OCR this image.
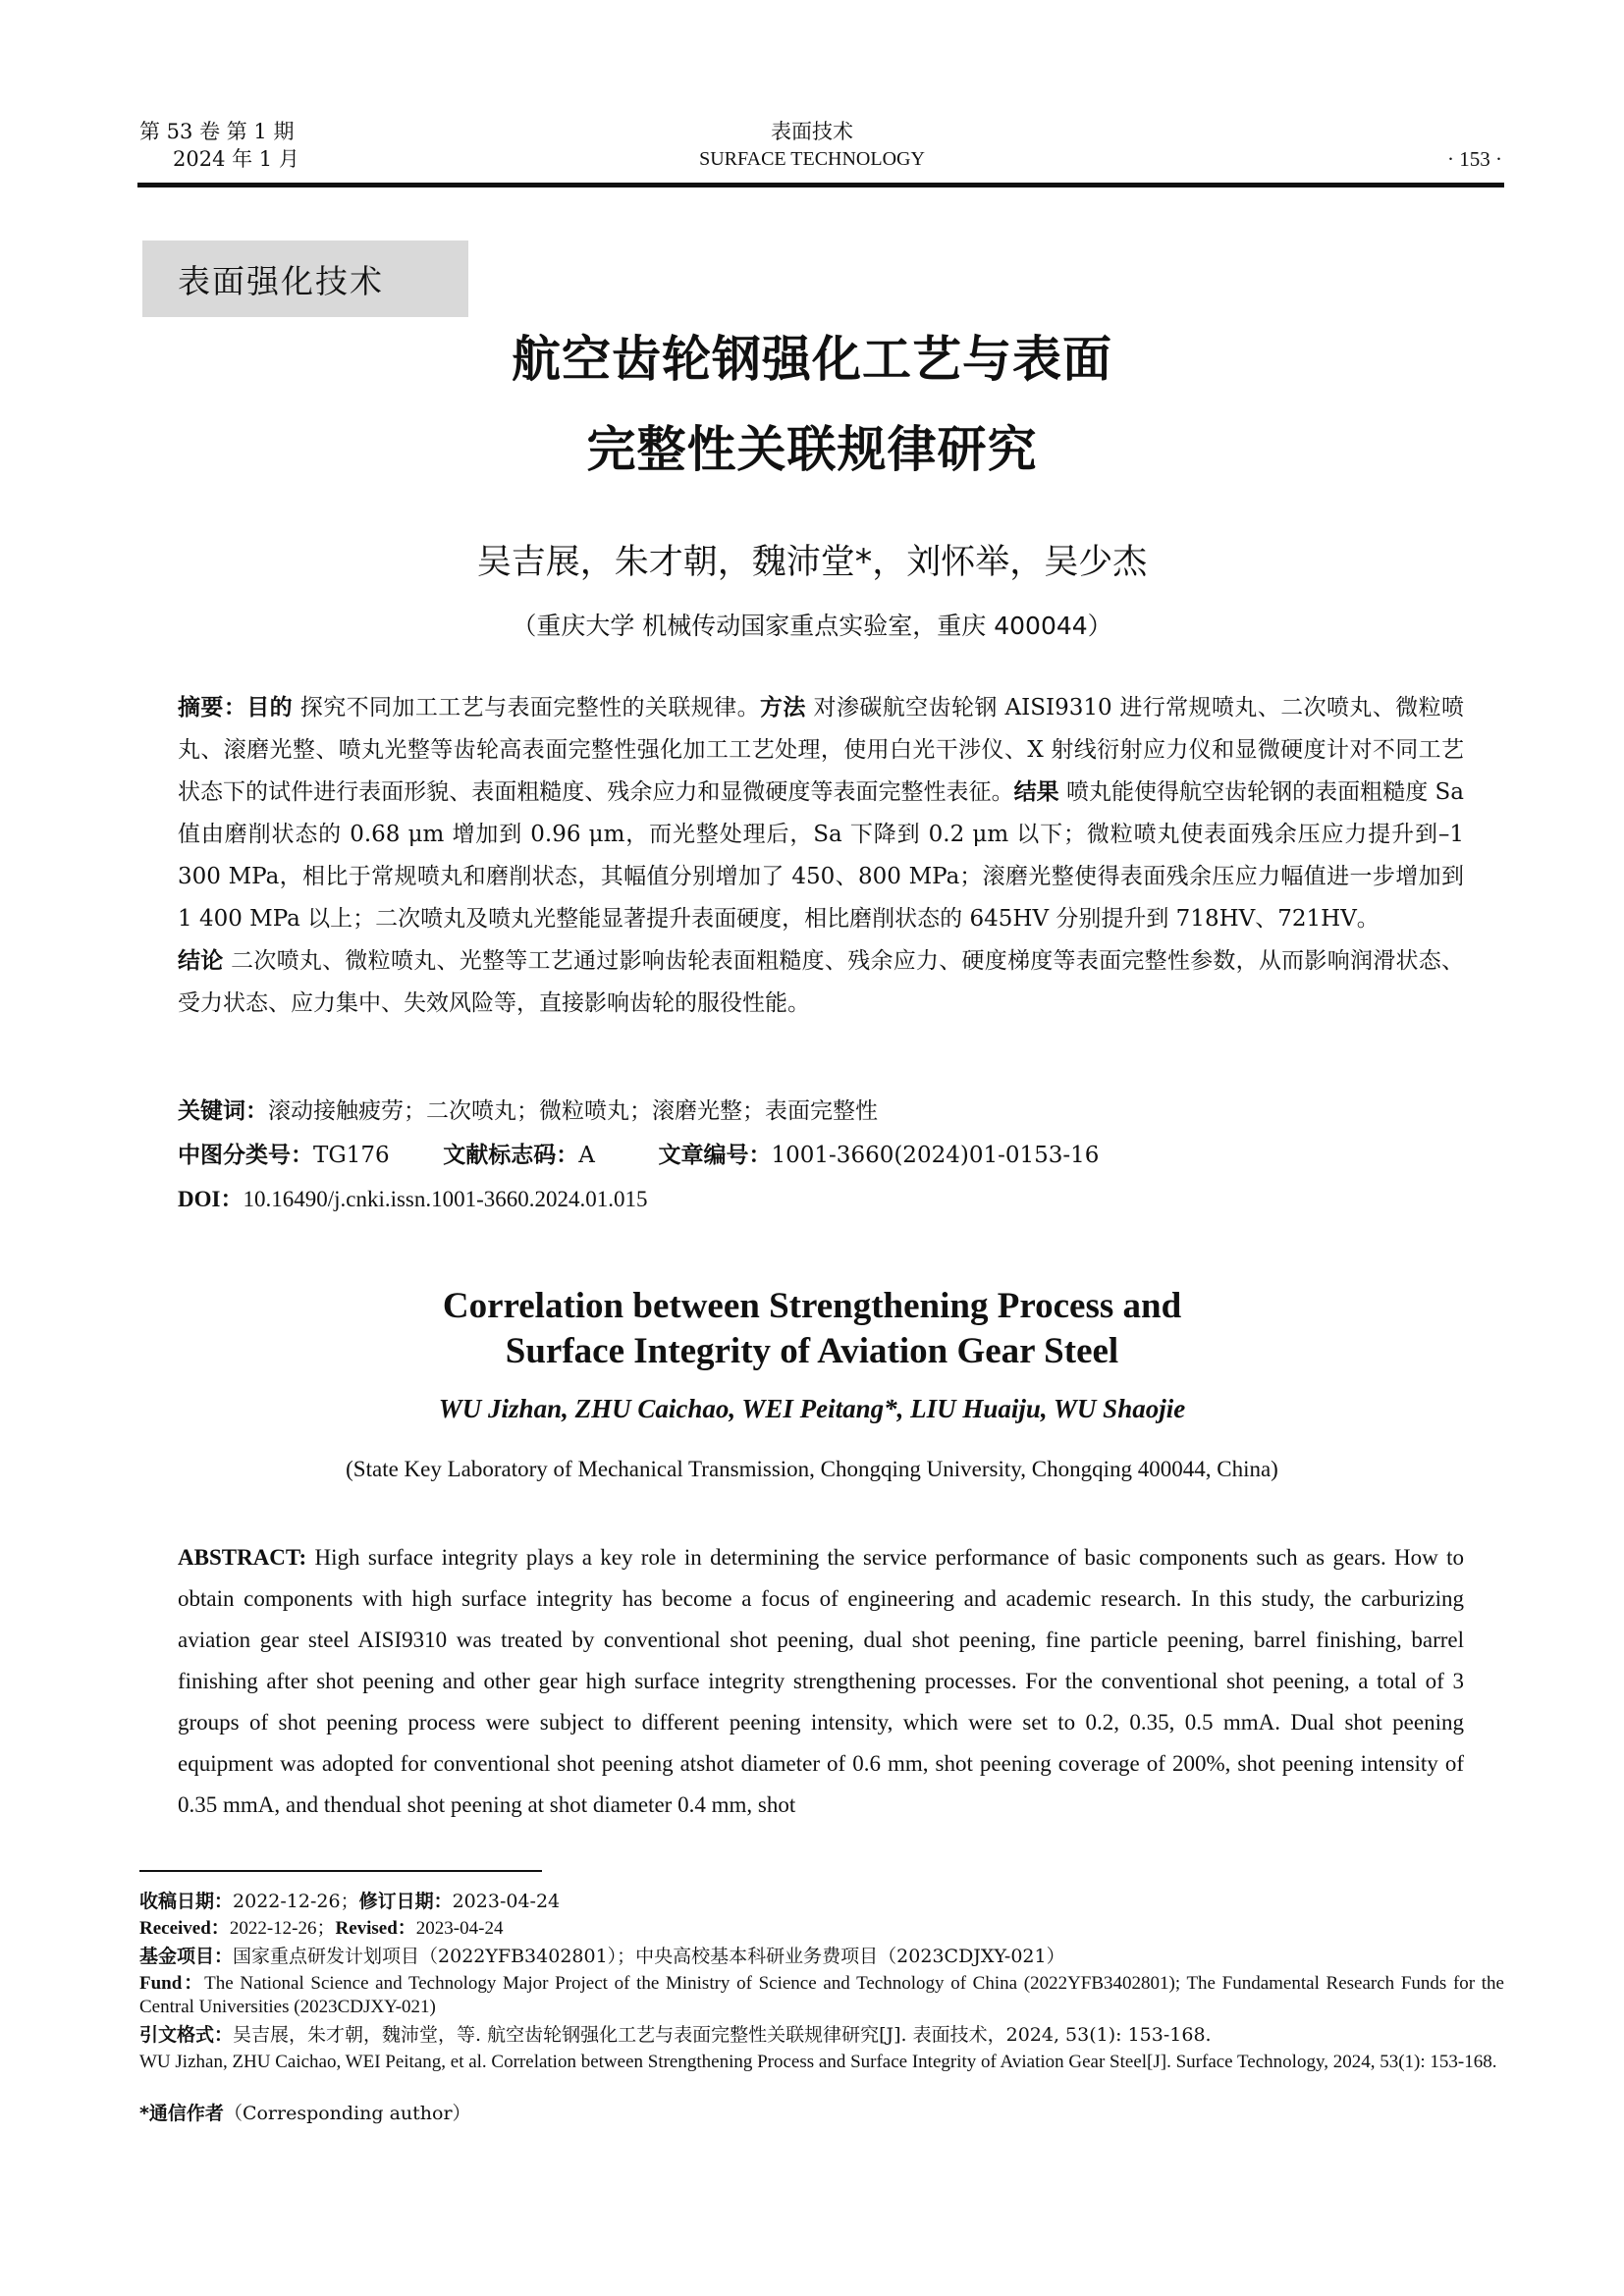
第 53 卷 第 1 期
2024 年 1 月
表面技术
SURFACE TECHNOLOGY	· 153 ·
表面强化技术
航空齿轮钢强化工艺与表面
完整性关联规律研究
吴吉展，朱才朝，魏沛堂*，刘怀举，吴少杰
（重庆大学 机械传动国家重点实验室，重庆 400044）
摘要：目的 探究不同加工工艺与表面完整性的关联规律。方法 对渗碳航空齿轮钢 AISI9310 进行常规喷丸、二次喷丸、微粒喷丸、滚磨光整、喷丸光整等齿轮高表面完整性强化加工工艺处理，使用白光干涉仪、X 射线衍射应力仪和显微硬度计对不同工艺状态下的试件进行表面形貌、表面粗糙度、残余应力和显微硬度等表面完整性表征。结果 喷丸能使得航空齿轮钢的表面粗糙度 Sa 值由磨削状态的 0.68 μm 增加到 0.96 μm，而光整处理后，Sa 下降到 0.2 μm 以下；微粒喷丸使表面残余压应力提升到–1 300 MPa，相比于常规喷丸和磨削状态，其幅值分别增加了 450、800 MPa；滚磨光整使得表面残余压应力幅值进一步增加到 1 400 MPa 以上；二次喷丸及喷丸光整能显著提升表面硬度，相比磨削状态的 645HV 分别提升到 718HV、721HV。
结论 二次喷丸、微粒喷丸、光整等工艺通过影响齿轮表面粗糙度、残余应力、硬度梯度等表面完整性参数，从而影响润滑状态、受力状态、应力集中、失效风险等，直接影响齿轮的服役性能。
关键词：滚动接触疲劳；二次喷丸；微粒喷丸；滚磨光整；表面完整性
中图分类号：TG176 文献标志码：A	文章编号：1001-3660(2024)01-0153-16
DOI：10.16490/j.cnki.issn.1001-3660.2024.01.015
Correlation between Strengthening Process and
Surface Integrity of Aviation Gear Steel
WU Jizhan, ZHU Caichao, WEI Peitang*, LIU Huaiju, WU Shaojie
(State Key Laboratory of Mechanical Transmission, Chongqing University, Chongqing 400044, China)
ABSTRACT: High surface integrity plays a key role in determining the service performance of basic components such as gears. How to obtain components with high surface integrity has become a focus of engineering and academic research. In this study, the carburizing aviation gear steel AISI9310 was treated by conventional shot peening, dual shot peening, fine particle peening, barrel finishing, barrel finishing after shot peening and other gear high surface integrity strengthening processes. For the conventional shot peening, a total of 3 groups of shot peening process were subject to different peening intensity, which were set to 0.2, 0.35, 0.5 mmA. Dual shot peening equipment was adopted for conventional shot peening atshot diameter of 0.6 mm, shot peening coverage of 200%, shot peening intensity of 0.35 mmA, and thendual shot peening at shot diameter 0.4 mm, shot
收稿日期：2022-12-26；修订日期：2023-04-24
Received：2022-12-26；Revised：2023-04-24
基金项目：国家重点研发计划项目（2022YFB3402801）；中央高校基本科研业务费项目（2023CDJXY-021）
Fund：The National Science and Technology Major Project of the Ministry of Science and Technology of China (2022YFB3402801); The Fundamental Research Funds for the Central Universities (2023CDJXY-021)
引文格式：吴吉展，朱才朝，魏沛堂，等. 航空齿轮钢强化工艺与表面完整性关联规律研究[J]. 表面技术，2024, 53(1): 153-168.
WU Jizhan, ZHU Caichao, WEI Peitang, et al. Correlation between Strengthening Process and Surface Integrity of Aviation Gear Steel[J]. Surface Technology, 2024, 53(1): 153-168.
*通信作者（Corresponding author）
